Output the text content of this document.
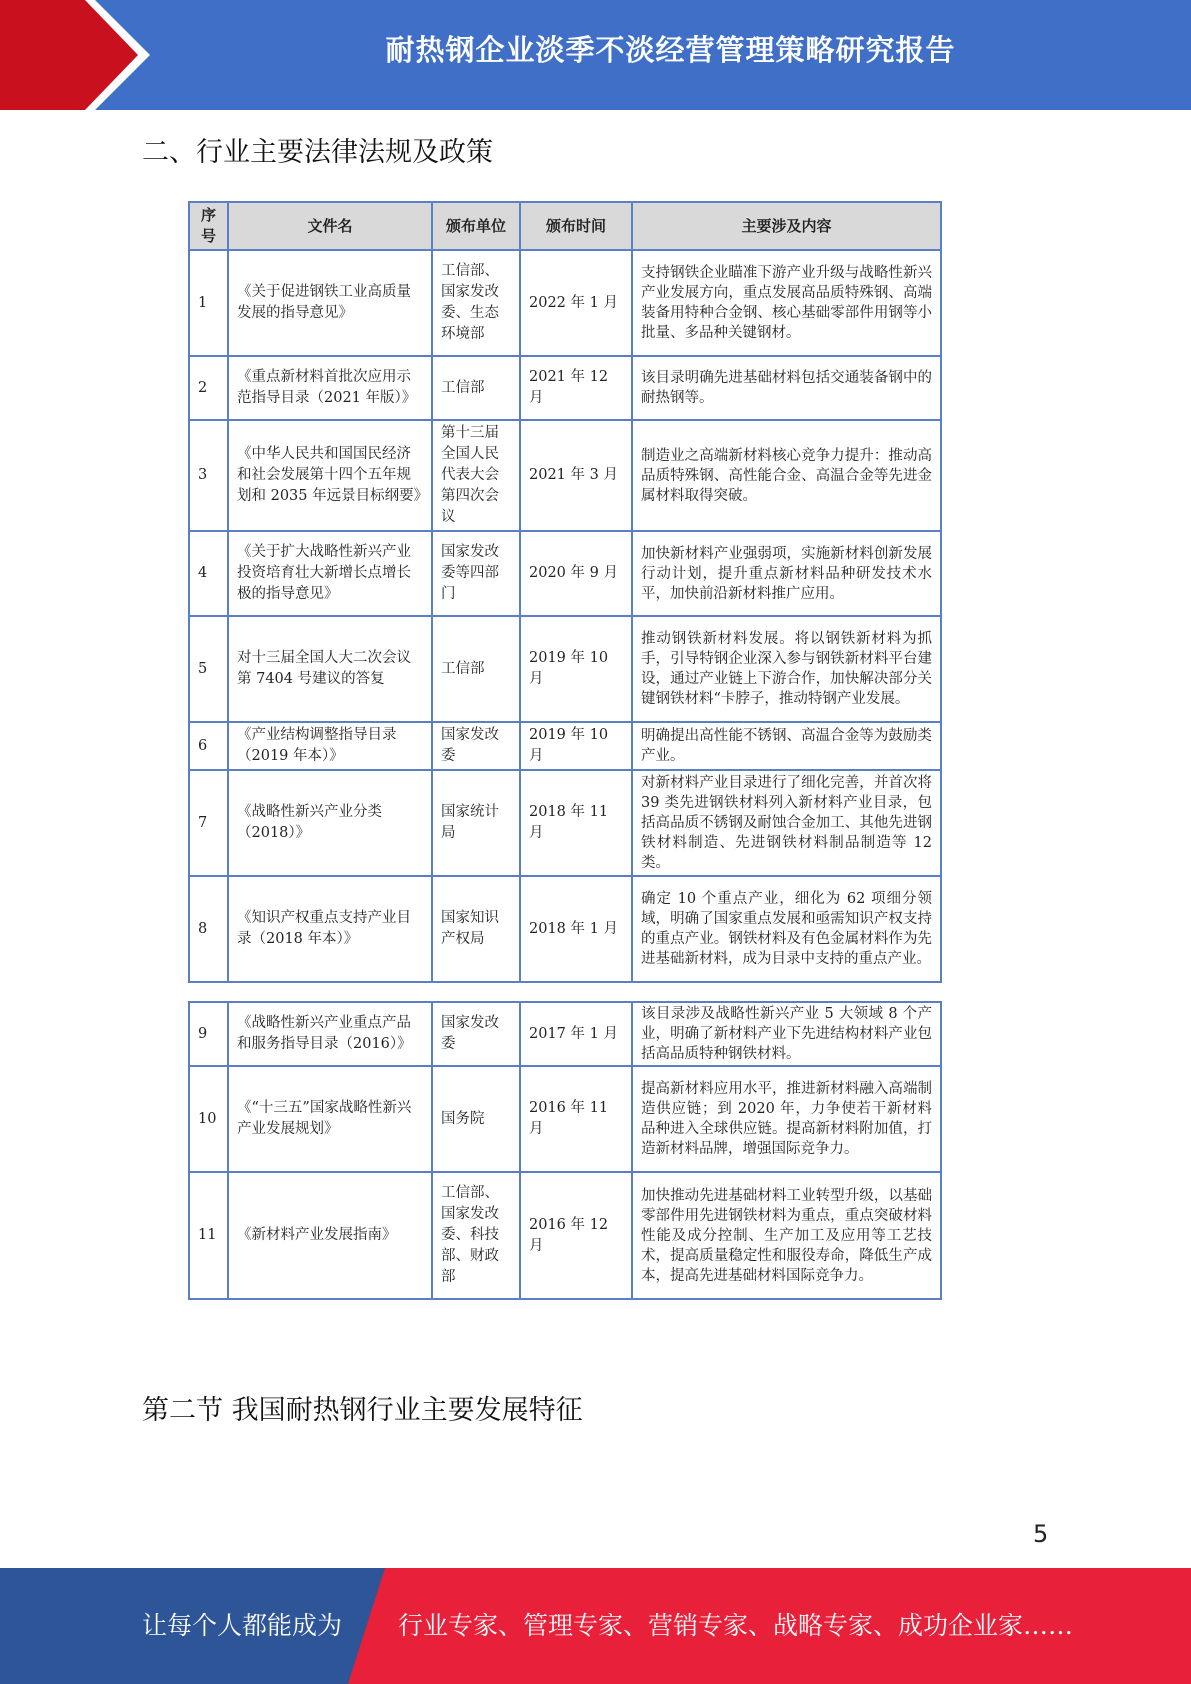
耐热钢企业淡季不淡经营管理策略研究报告
二、行业主要法律法规及政策
序号	文件名	颁布单位	颁布时间	主要涉及内容
1	《关于促进钢铁工业高质量发展的指导意见》	工信部、国家发改委、生态环境部	2022 年 1 月	支持钢铁企业瞄准下游产业升级与战略性新兴产业发展方向，重点发展高品质特殊钢、高端装备用特种合金钢、核心基础零部件用钢等小批量、多品种关键钢材。
2	《重点新材料首批次应用示范指导目录（2021 年版）》	工信部	2021 年 12 月	该目录明确先进基础材料包括交通装备钢中的耐热钢等。
3	《中华人民共和国国民经济和社会发展第十四个五年规划和 2035 年远景目标纲要》	第十三届全国人民代表大会第四次会议	2021 年 3 月	制造业之高端新材料核心竞争力提升：推动高品质特殊钢、高性能合金、高温合金等先进金属材料取得突破。
4	《关于扩大战略性新兴产业投资培育壮大新增长点增长极的指导意见》	国家发改委等四部门	2020 年 9 月	加快新材料产业强弱项，实施新材料创新发展行动计划，提升重点新材料品种研发技术水平，加快前沿新材料推广应用。
5	对十三届全国人大二次会议第 7404 号建议的答复	工信部	2019 年 10 月	推动钢铁新材料发展。将以钢铁新材料为抓手，引导特钢企业深入参与钢铁新材料平台建设，通过产业链上下游合作，加快解决部分关键钢铁材料“卡脖子，推动特钢产业发展。
6	《产业结构调整指导目录（2019 年本）》	国家发改委	2019 年 10 月	明确提出高性能不锈钢、高温合金等为鼓励类产业。
7	《战略性新兴产业分类（2018）》	国家统计局	2018 年 11 月	对新材料产业目录进行了细化完善，并首次将 39 类先进钢铁材料列入新材料产业目录，包括高品质不锈钢及耐蚀合金加工、其他先进钢铁材料制造、先进钢铁材料制品制造等 12 类。
8	《知识产权重点支持产业目录（2018 年本）》	国家知识产权局	2018 年 1 月	确定 10 个重点产业，细化为 62 项细分领域，明确了国家重点发展和亟需知识产权支持的重点产业。钢铁材料及有色金属材料作为先进基础新材料，成为目录中支持的重点产业。
9	《战略性新兴产业重点产品和服务指导目录（2016）》	国家发改委	2017 年 1 月	该目录涉及战略性新兴产业 5 大领域 8 个产业，明确了新材料产业下先进结构材料产业包括高品质特种钢铁材料。
10	《“十三五”国家战略性新兴产业发展规划》	国务院	2016 年 11 月	提高新材料应用水平，推进新材料融入高端制造供应链；到 2020 年，力争使若干新材料品种进入全球供应链。提高新材料附加值，打造新材料品牌，增强国际竞争力。
11	《新材料产业发展指南》	工信部、国家发改委、科技部、财政部	2016 年 12 月	加快推动先进基础材料工业转型升级，以基础零部件用先进钢铁材料为重点，重点突破材料性能及成分控制、生产加工及应用等工艺技术，提高质量稳定性和服役寿命，降低生产成本，提高先进基础材料国际竞争力。
第二节 我国耐热钢行业主要发展特征
5
让每个人都能成为 行业专家、管理专家、营销专家、战略专家、成功企业家……
